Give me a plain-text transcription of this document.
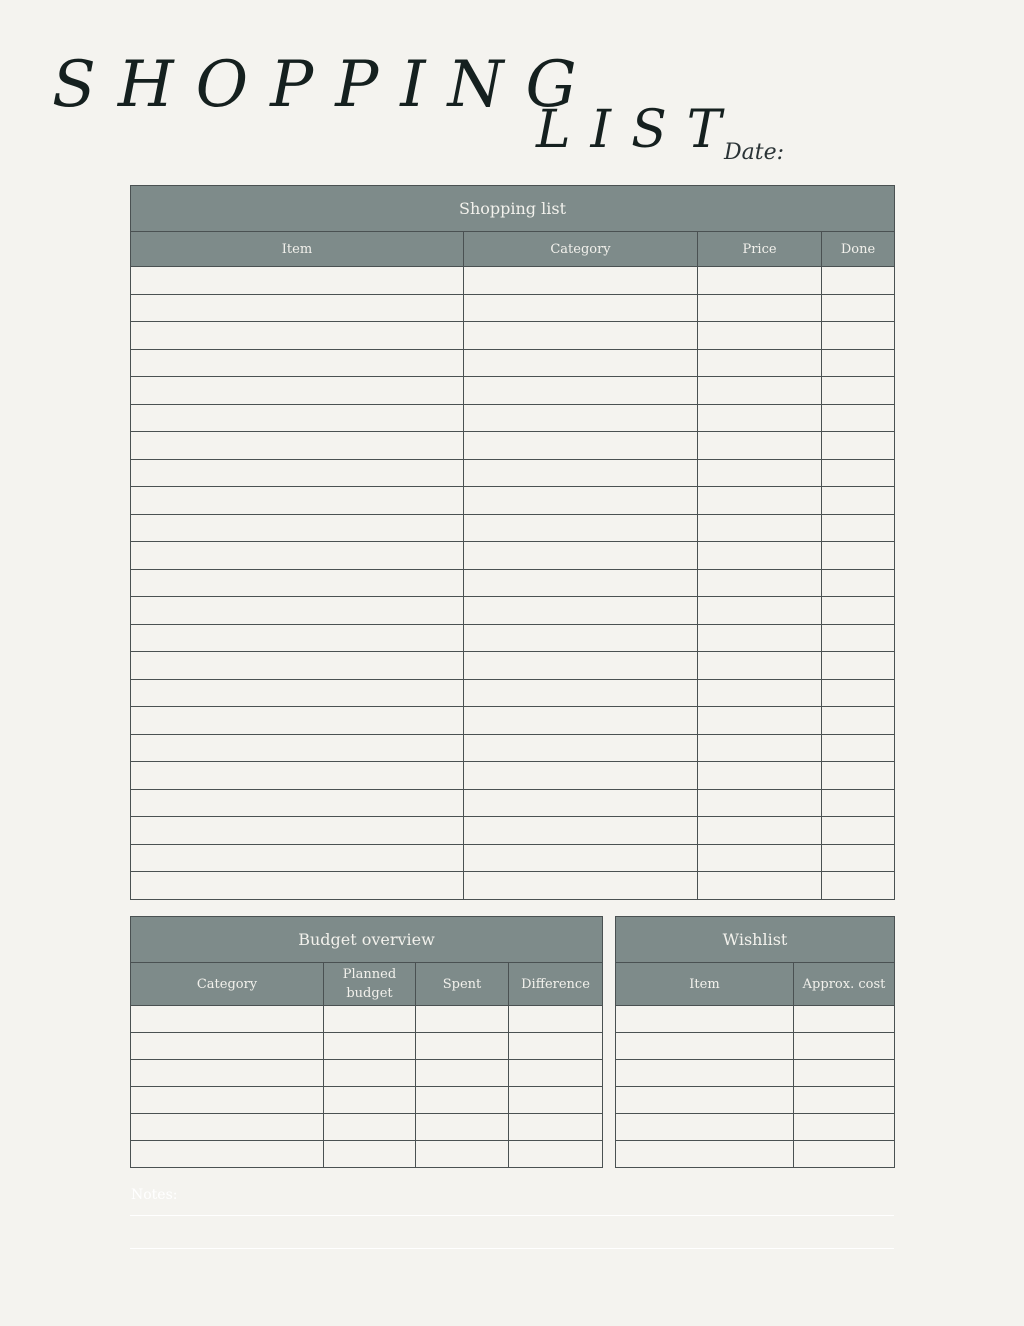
SHOPPING
LIST
Date:
Shopping list			
Item	Category	Price	Done

Budget overview			
Category	Planned budget	Spent	Difference

Wishlist	
Item	Approx. cost

Notes:
